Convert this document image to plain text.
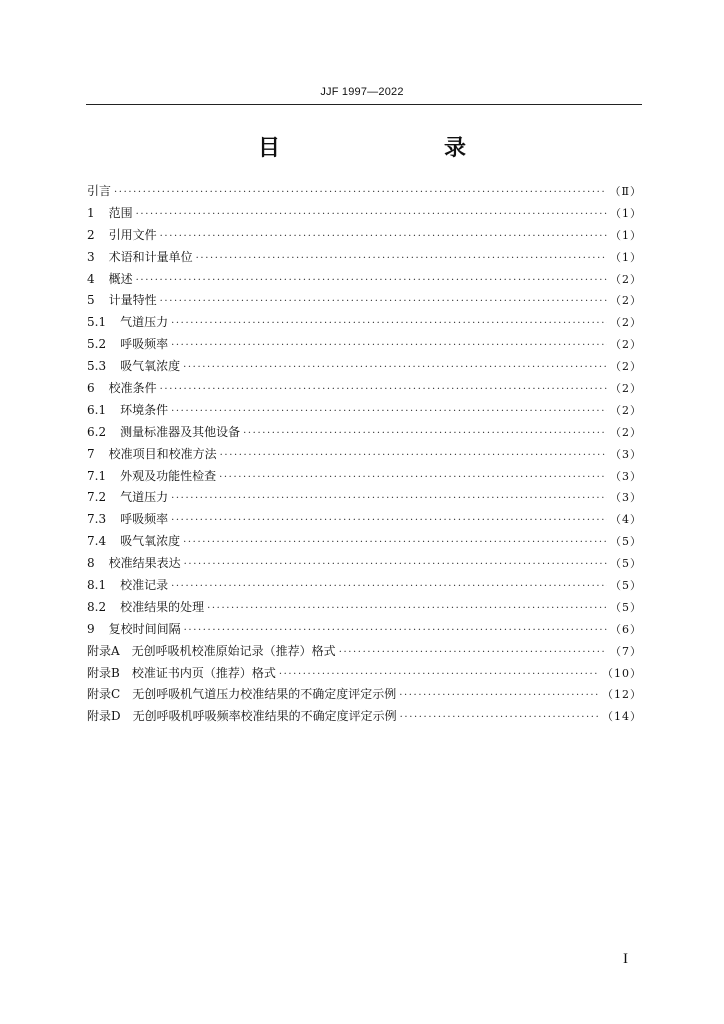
JJF 1997—2022
目　　录
引言 ·····	（Ⅱ）
1 范围 ·····	（1）
2 引用文件 ·····	（1）
3 术语和计量单位 ·····	（1）
4 概述 ·····	（2）
5 计量特性 ·····	（2）
5.1 气道压力 ·····	（2）
5.2 呼吸频率 ·····	（2）
5.3 吸气氧浓度 ·····	（2）
6 校准条件 ·····	（2）
6.1 环境条件 ·····	（2）
6.2 测量标准器及其他设备 ·····	（2）
7 校准项目和校准方法 ·····	（3）
7.1 外观及功能性检查 ·····	（3）
7.2 气道压力 ·····	（3）
7.3 呼吸频率 ·····	（4）
7.4 吸气氧浓度 ·····	（5）
8 校准结果表达 ·····	（5）
8.1 校准记录 ·····	（5）
8.2 校准结果的处理 ·····	（5）
9 复校时间间隔 ·····	（6）
附录A 无创呼吸机校准原始记录（推荐）格式 ·····	（7）
附录B 校准证书内页（推荐）格式 ·····	（10）
附录C 无创呼吸机气道压力校准结果的不确定度评定示例 ·····	（12）
附录D 无创呼吸机呼吸频率校准结果的不确定度评定示例 ·····	（14）
I
